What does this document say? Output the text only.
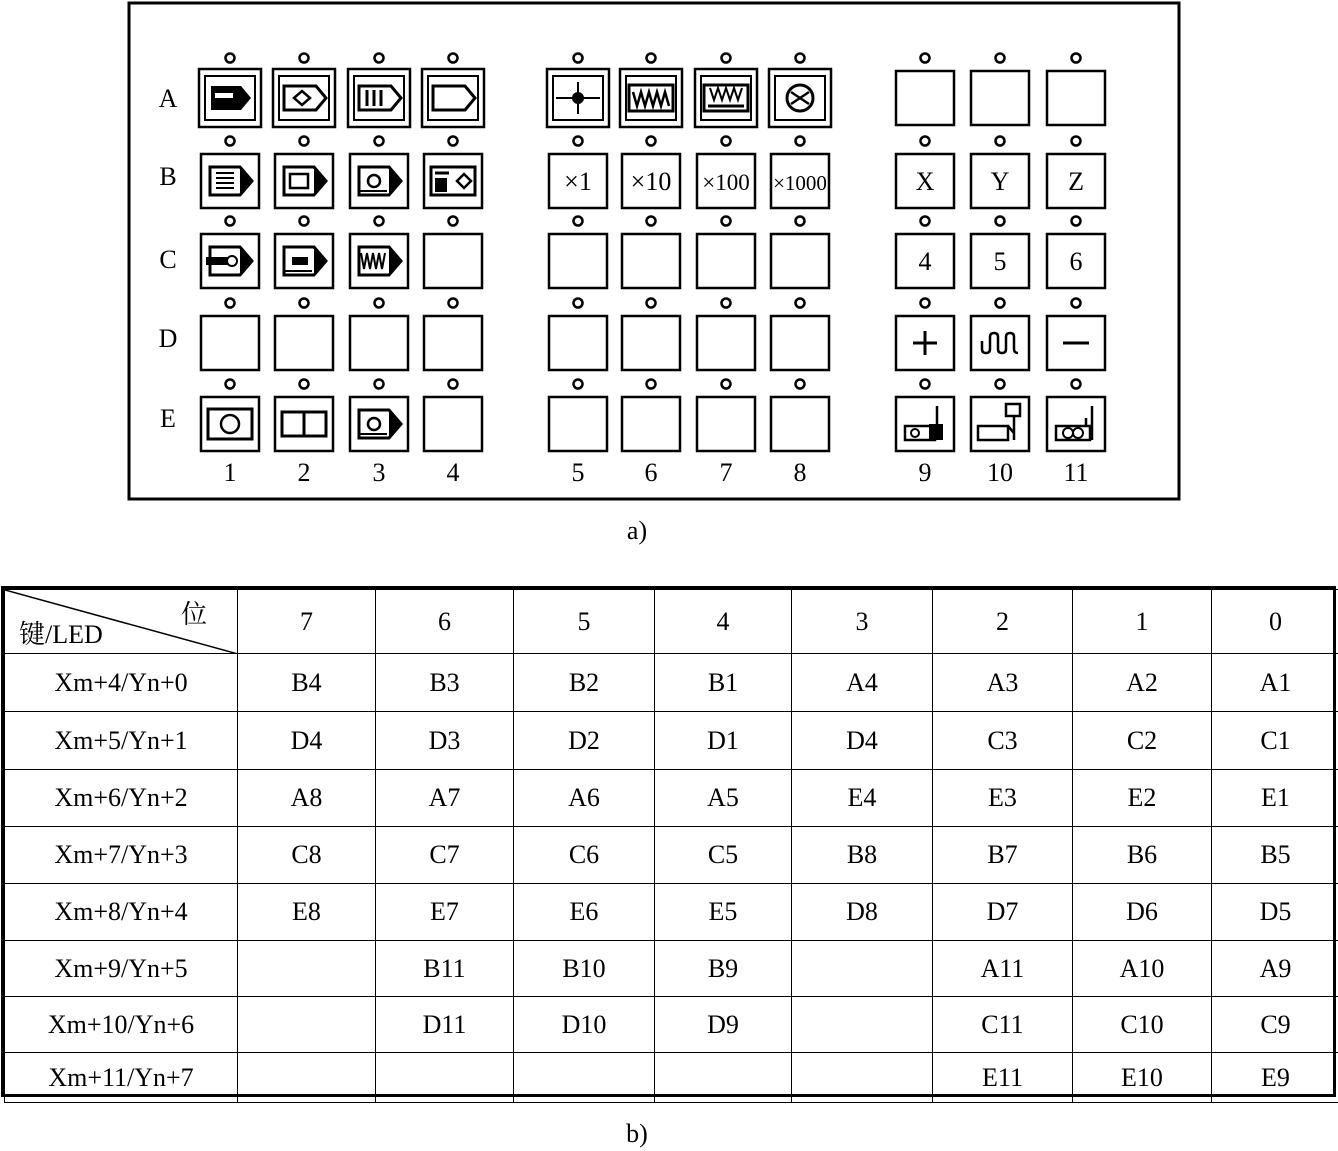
A
B
C
D
E
1 2 3 4	5 6 7 8	9 10 11
×1 ×10 ×100 ×1000	X Y Z
4 5 6
a)
位
键/LED	7	6	5	4	3	2	1	0
Xm+4/Yn+0	B4	B3	B2	B1	A4	A3	A2	A1
Xm+5/Yn+1	D4	D3	D2	D1	D4	C3	C2	C1
Xm+6/Yn+2	A8	A7	A6	A5	E4	E3	E2	E1
Xm+7/Yn+3	C8	C7	C6	C5	B8	B7	B6	B5
Xm+8/Yn+4	E8	E7	E6	E5	D8	D7	D6	D5
Xm+9/Yn+5		B11	B10	B9		A11	A10	A9
Xm+10/Yn+6		D11	D10	D9		C11	C10	C9
Xm+11/Yn+7						E11	E10	E9
b)
